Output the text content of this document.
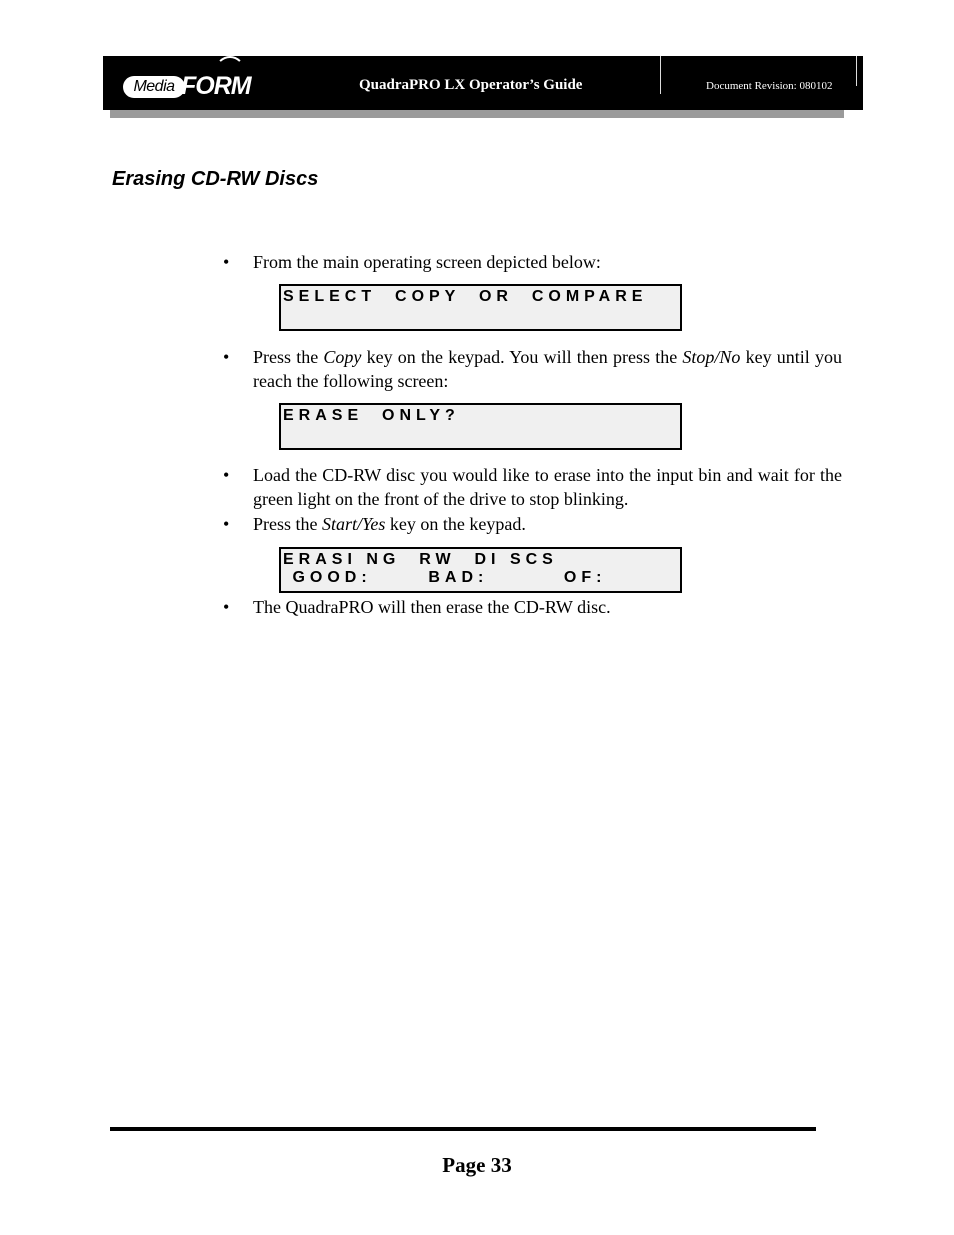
Media FORM	QuadraPRO LX Operator’s Guide	Document Revision: 080102
Erasing CD-RW Discs
• From the main operating screen depicted below:
SELECT  COPY  OR  COMPARE
• Press the Copy key on the keypad. You will then press the Stop/No key until you reach the following screen:
ERASE  ONLY?
• Load the CD-RW disc you would like to erase into the input bin and wait for the green light on the front of the drive to stop blinking.
• Press the Start/Yes key on the keypad.
ERASI NG  RW  DI SCS
GOOD:      BAD:        OF:
• The QuadraPRO will then erase the CD-RW disc.
Page 33
